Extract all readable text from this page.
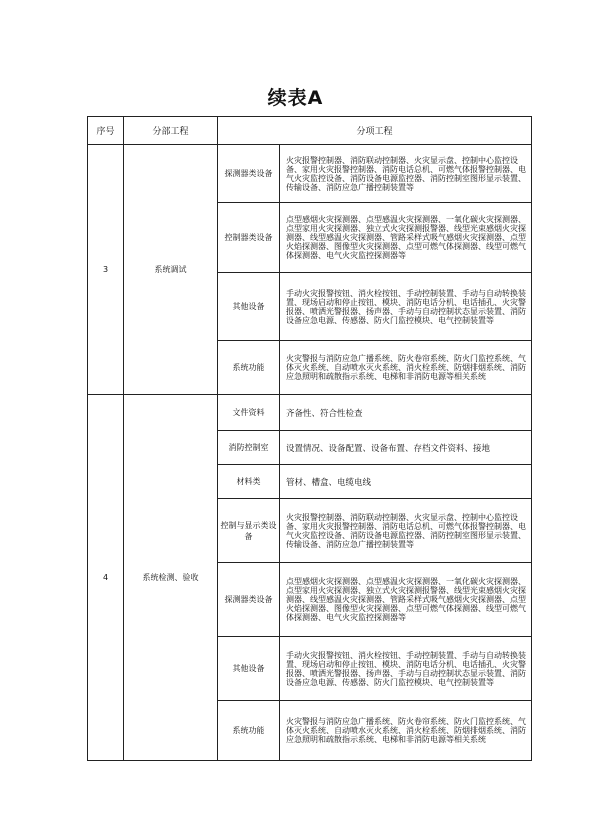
续表A
序号	分部工程	分项工程	
3	系统调试	探测器类设备	火灾报警控制器、消防联动控制器、火灾显示盘、控制中心监控设备、家用火灾报警控制器、消防电话总机、可燃气体报警控制器、电气火灾监控设备、消防设备电源监控器、消防控制室图形显示装置、传输设备、消防应急广播控制装置等
		控制器类设备	点型感烟火灾探测器、点型感温火灾探测器、一氧化碳火灾探测器、点型家用火灾探测器、独立式火灾探测报警器、线型光束感烟火灾探测器、线型感温火灾探测器、管路采样式吸气感烟火灾探测器、点型火焰探测器、图像型火灾探测器、点型可燃气体探测器、线型可燃气体探测器、电气火灾监控探测器等
		其他设备	手动火灾报警按钮、消火栓按钮、手动控制装置、手动与自动转换装置、现场启动和停止按钮、模块、消防电话分机、电话插孔、火灾警报器、喷洒光警报器、扬声器、手动与自动控制状态显示装置、消防设备应急电源、传感器、防火门监控模块、电气控制装置等
		系统功能	火灾警报与消防应急广播系统、防火卷帘系统、防火门监控系统、气体灭火系统、自动喷水灭火系统、消火栓系统、防烟排烟系统、消防应急照明和疏散指示系统、电梯和非消防电源等相关系统
4	系统检测、验收	文件资料	齐备性、符合性检查
		消防控制室	设置情况、设备配置、设备布置、存档文件资料、接地
		材料类	管材、槽盒、电缆电线
		控制与显示类设备	火灾报警控制器、消防联动控制器、火灾显示盘、控制中心监控设备、家用火灾报警控制器、消防电话总机、可燃气体报警控制器、电气火灾监控设备、消防设备电源监控器、消防控制室图形显示装置、传输设备、消防应急广播控制装置等
		探测器类设备	点型感烟火灾探测器、点型感温火灾探测器、一氧化碳火灾探测器、点型家用火灾探测器、独立式火灾探测报警器、线型光束感烟火灾探测器、线型感温火灾探测器、管路采样式吸气感烟火灾探测器、点型火焰探测器、图像型火灾探测器、点型可燃气体探测器、线型可燃气体探测器、电气火灾监控探测器等
		其他设备	手动火灾报警按钮、消火栓按钮、手动控制装置、手动与自动转换装置、现场启动和停止按钮、模块、消防电话分机、电话插孔、火灾警报器、喷洒光警报器、扬声器、手动与自动控制状态显示装置、消防设备应急电源、传感器、防火门监控模块、电气控制装置等
		系统功能	火灾警报与消防应急广播系统、防火卷帘系统、防火门监控系统、气体灭火系统、自动喷水灭火系统、消火栓系统、防烟排烟系统、消防应急照明和疏散指示系统、电梯和非消防电源等相关系统
